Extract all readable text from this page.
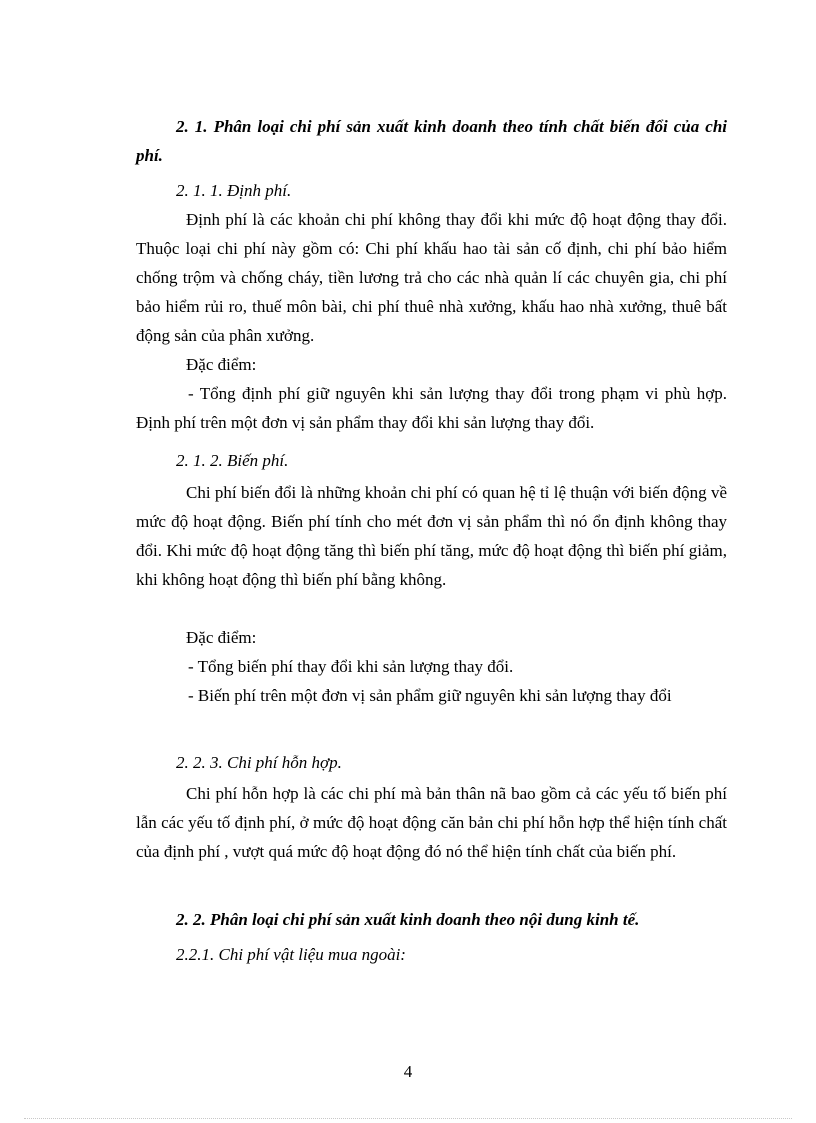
2. 1. Phân loại chi phí sản xuất kinh doanh theo tính chất biến đổi của chi phí.

2. 1. 1. Định phí.

Định phí là các khoản chi phí không thay đổi khi mức độ hoạt động thay đổi. Thuộc loại chi phí này gồm có: Chi phí khấu hao tài sản cố định, chi phí bảo hiểm chống trộm và chống cháy, tiền lương trả cho các nhà quản lí các chuyên gia, chi phí bảo hiểm rủi ro, thuế môn bài, chi phí thuê nhà xưởng, khấu hao nhà xưởng, thuê bất động sản của phân xưởng.

Đặc điểm:

- Tổng định phí giữ nguyên khi sản lượng thay đổi trong phạm vi phù hợp. Định phí trên một đơn vị sản phẩm thay đổi khi sản lượng thay đổi.

2. 1. 2. Biến phí.

Chi phí biến đổi là những khoản chi phí có quan hệ tỉ lệ thuận với biến động về mức độ hoạt động. Biến phí tính cho mét đơn vị sản phẩm thì nó ổn định không thay đổi. Khi mức độ hoạt động tăng thì biến phí tăng, mức độ hoạt động thì biến phí giảm, khi không hoạt động thì biến phí bằng không.

Đặc điểm:

- Tổng biến phí thay đổi khi sản lượng thay đổi.

- Biến phí trên một đơn vị sản phẩm giữ nguyên khi sản lượng thay đổi

2. 2. 3. Chi phí hỗn hợp.

Chi phí hỗn hợp là các chi phí mà bản thân nã bao gồm cả các yếu tố biến phí lẫn các yếu tố định phí, ở mức độ hoạt động căn bản chi phí hỗn hợp thể hiện tính chất của định phí , vượt quá mức độ hoạt động đó nó thể hiện tính chất của biến phí.

2. 2. Phân loại chi phí sản xuất kinh doanh theo nội dung kinh tế.

2.2.1. Chi phí vật liệu mua ngoài:

4
